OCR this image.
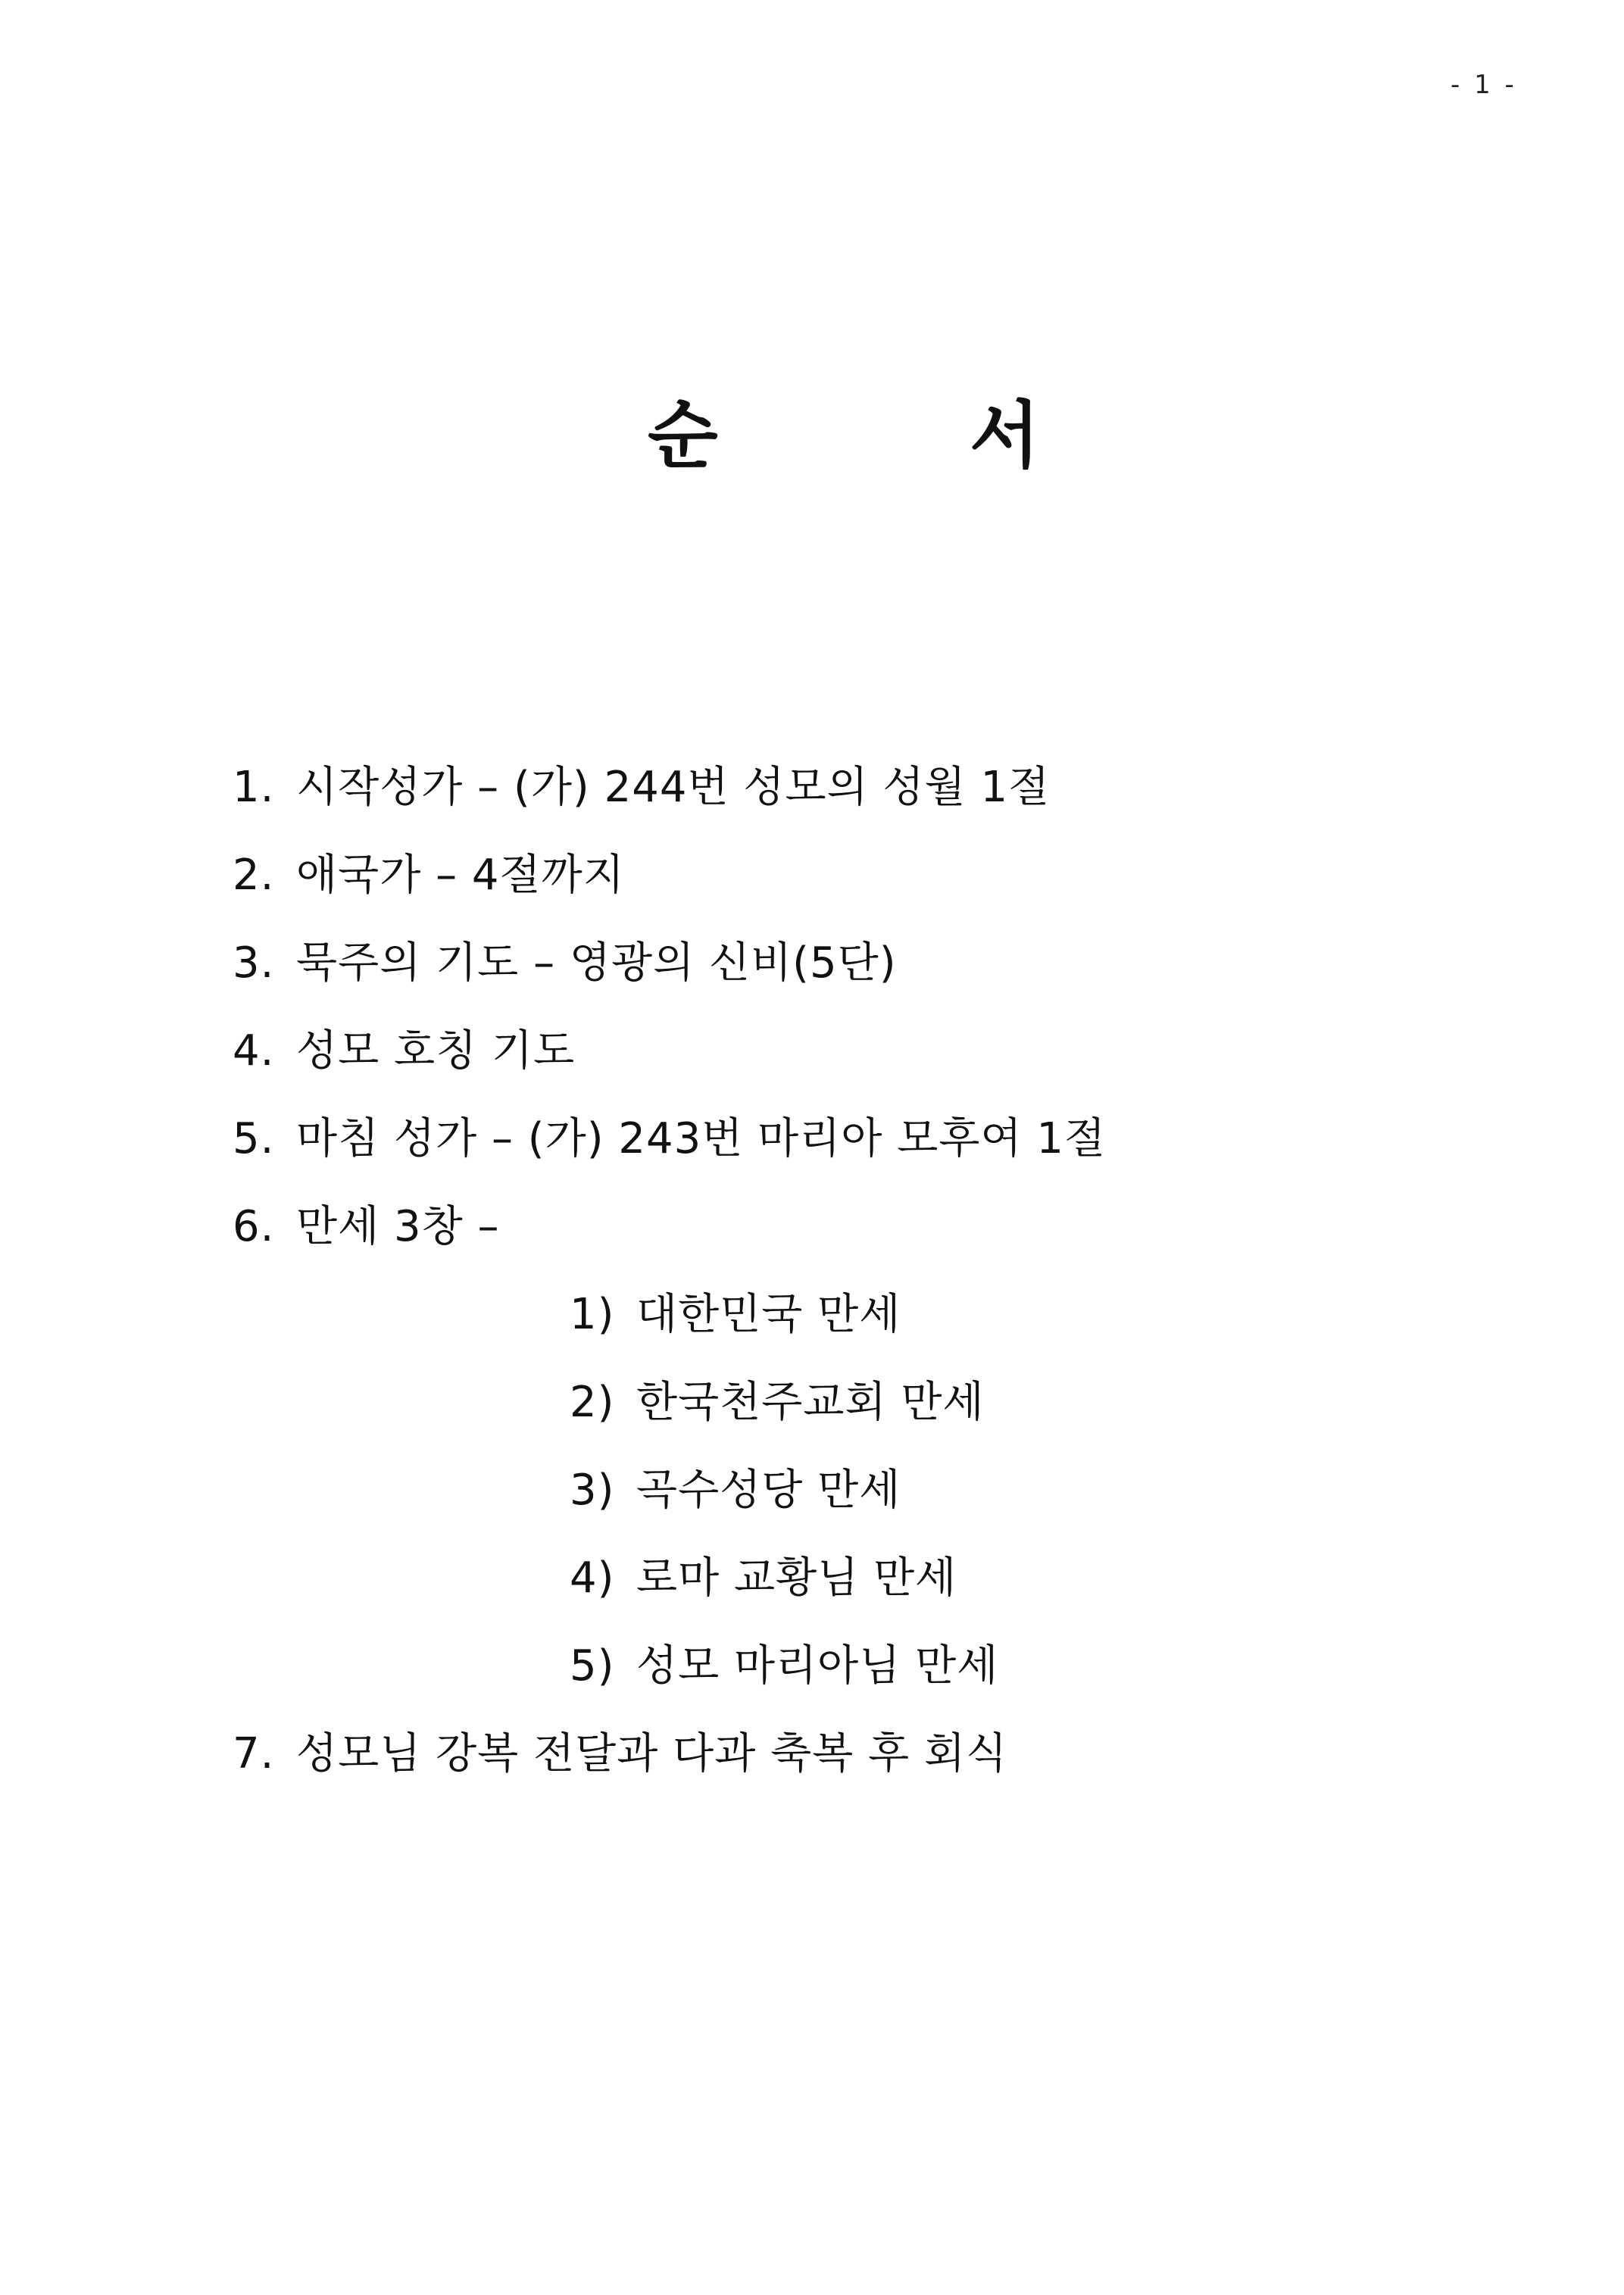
- 1 -
순	서
1. 시작성가 – (가) 244번 성모의 성월 1절
2. 애국가 – 4절까지
3. 묵주의 기도 – 영광의 신비(5단)
4. 성모 호칭 기도
5. 마침 성가 – (가) 243번 마리아 모후여 1절
6. 만세 3창 –
1) 대한민국 만세
2) 한국천주교회 만세
3) 곡수성당 만세
4) 로마 교황님 만세
5) 성모 마리아님 만세
7. 성모님 강복 전달과 다과 축복 후 회식
